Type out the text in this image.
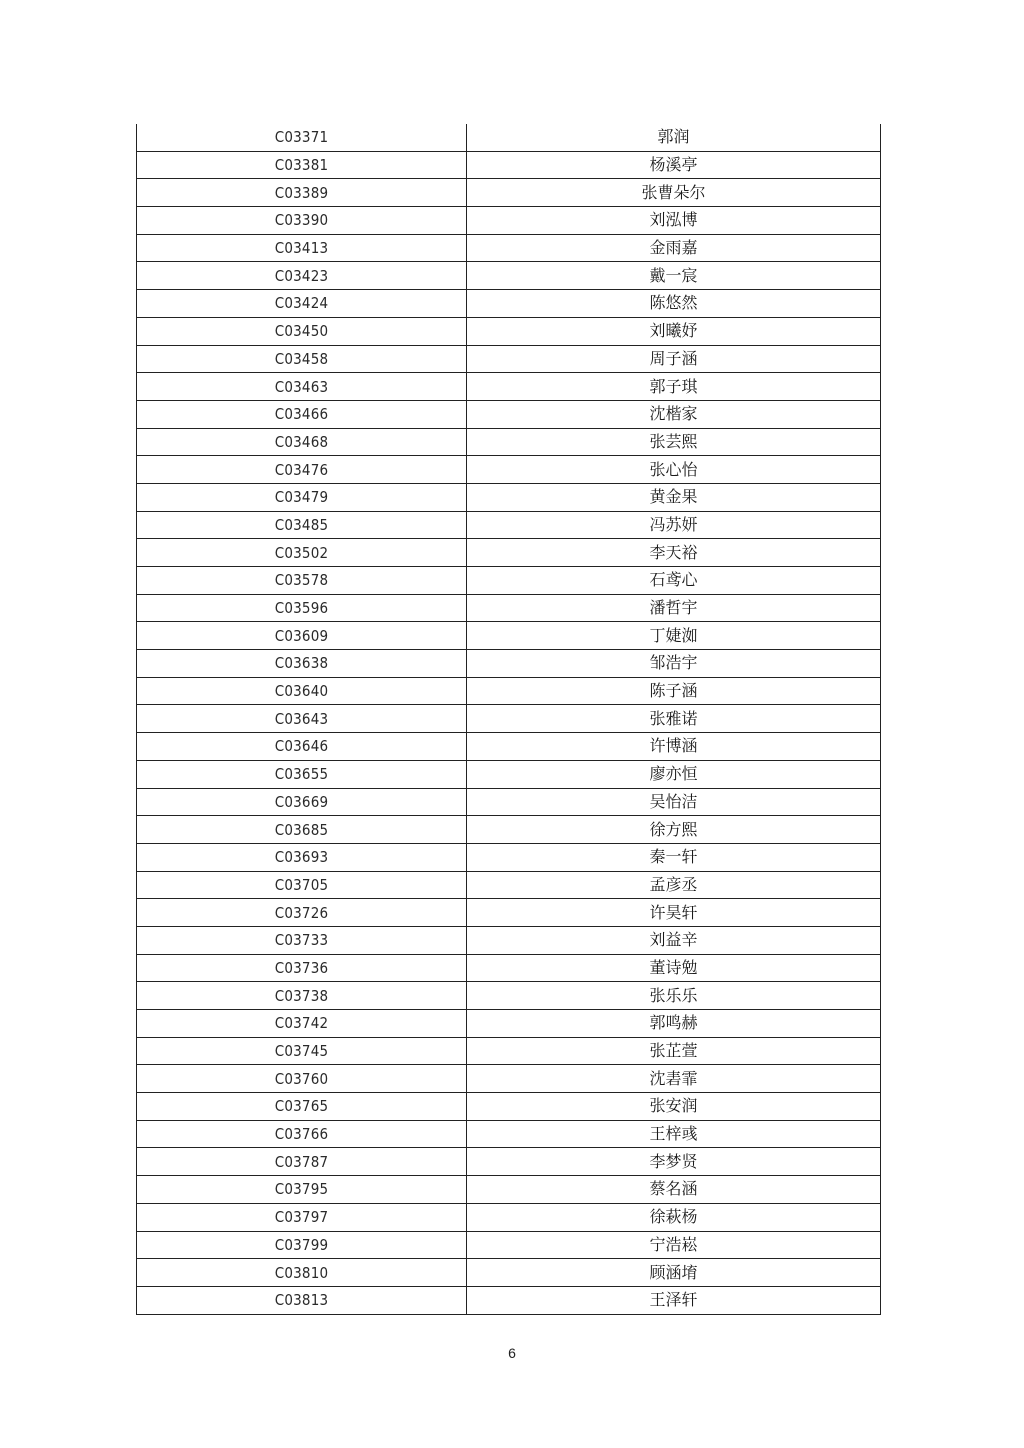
C03371	郭润
C03381	杨溪亭
C03389	张曹朵尔
C03390	刘泓博
C03413	金雨嘉
C03423	戴一宸
C03424	陈悠然
C03450	刘曦妤
C03458	周子涵
C03463	郭子琪
C03466	沈楷家
C03468	张芸熙
C03476	张心怡
C03479	黄金果
C03485	冯苏妍
C03502	李天裕
C03578	石鸢心
C03596	潘哲宇
C03609	丁婕洳
C03638	邹浩宇
C03640	陈子涵
C03643	张雅诺
C03646	许博涵
C03655	廖亦恒
C03669	吴怡洁
C03685	徐方熙
C03693	秦一轩
C03705	孟彦丞
C03726	许昊轩
C03733	刘益辛
C03736	董诗勉
C03738	张乐乐
C03742	郭鸣赫
C03745	张芷萱
C03760	沈砉霏
C03765	张安润
C03766	王梓彧
C03787	李梦贤
C03795	蔡名涵
C03797	徐萩杨
C03799	宁浩崧
C03810	顾涵堉
C03813	王泽轩
6
